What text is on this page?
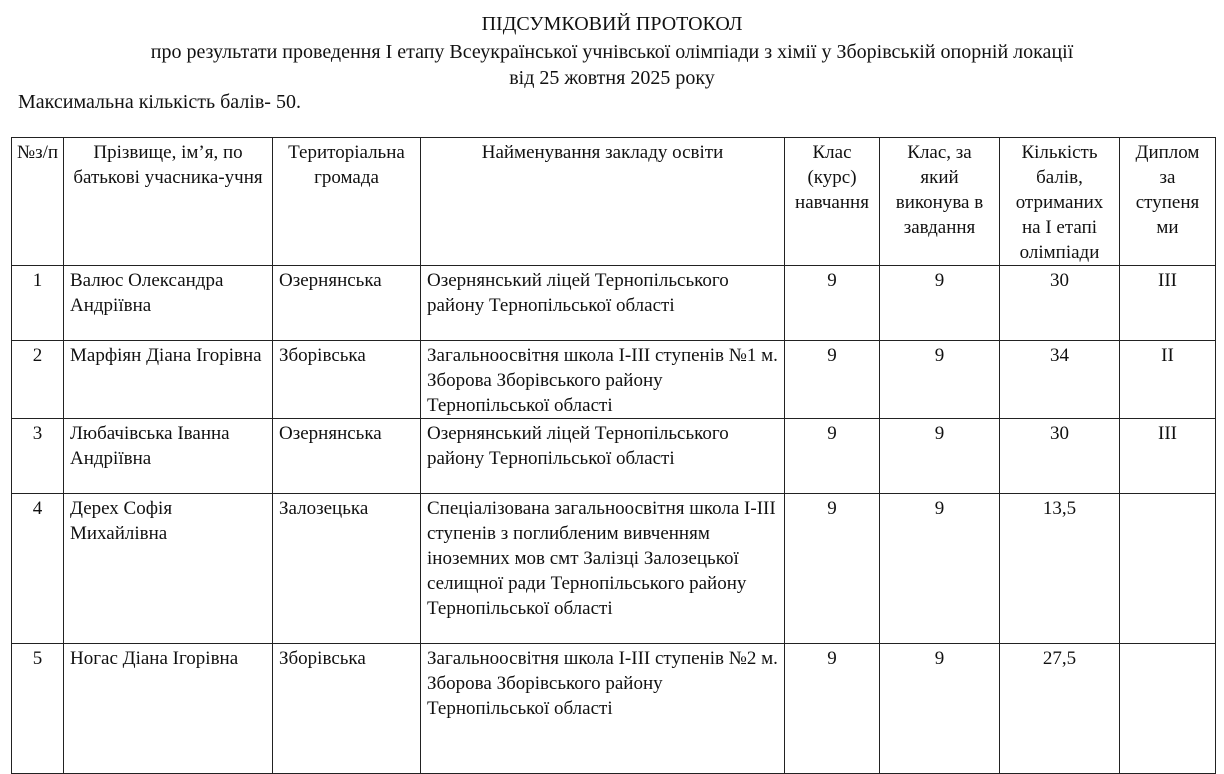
ПІДСУМКОВИЙ ПРОТОКОЛ
про результати проведення І етапу Всеукраїнської учнівської олімпіади з хімії у Зборівській опорній локації
від 25 жовтня 2025 року
Максимальна кількість балів- 50.
№з/п	Прізвище, ім’я, по батькові учасника-учня	Територіальна громада	Найменування закладу освіти	Клас (курс) навчання	Клас, за який виконува в завдання	Кількість балів, отриманих на І етапі олімпіади	Диплом за ступеня ми
1	Валюс Олександра Андріївна	Озернянська	Озернянський ліцей Тернопільського району Тернопільської області	9	9	30	ІІІ
2	Марфіян Діана Ігорівна	Зборівська	Загальноосвітня школа І-ІІІ ступенів №1 м. Зборова Зборівського району Тернопільської області	9	9	34	ІІ
3	Любачівська Іванна Андріївна	Озернянська	Озернянський ліцей Тернопільського району Тернопільської області	9	9	30	ІІІ
4	Дерех Софія Михайлівна	Залозецька	Спеціалізована загальноосвітня школа І-ІІІ ступенів з поглибленим вивченням іноземних мов смт Залізці Залозецької селищної ради Тернопільського району Тернопільської області	9	9	13,5	
5	Ногас Діана Ігорівна	Зборівська	Загальноосвітня школа І-ІІІ ступенів №2 м. Зборова Зборівського району Тернопільської області	9	9	27,5	
